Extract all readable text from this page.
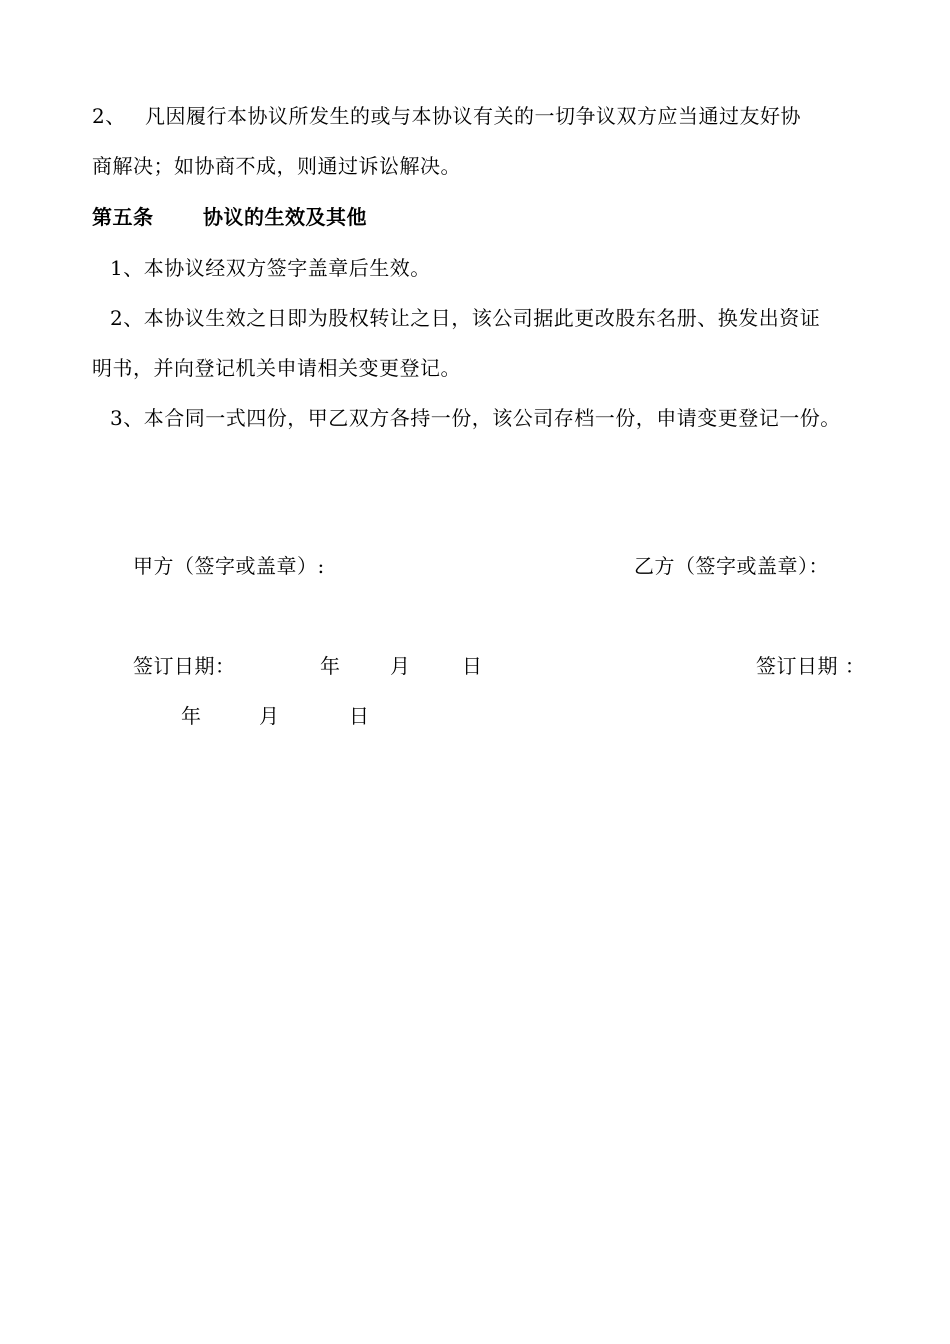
2、 凡因履行本协议所发生的或与本协议有关的一切争议双方应当通过友好协
商解决；如协商不成，则通过诉讼解决。
第五条 协议的生效及其他
1、本协议经双方签字盖章后生效。
2、本协议生效之日即为股权转让之日，该公司据此更改股东名册、换发出资证
明书，并向登记机关申请相关变更登记。
3、本合同一式四份，甲乙双方各持一份，该公司存档一份，申请变更登记一份。
甲方（签字或盖章）:	乙方（签字或盖章）：
签订日期：	年 月	日	签订日期 ：
年	月	日
